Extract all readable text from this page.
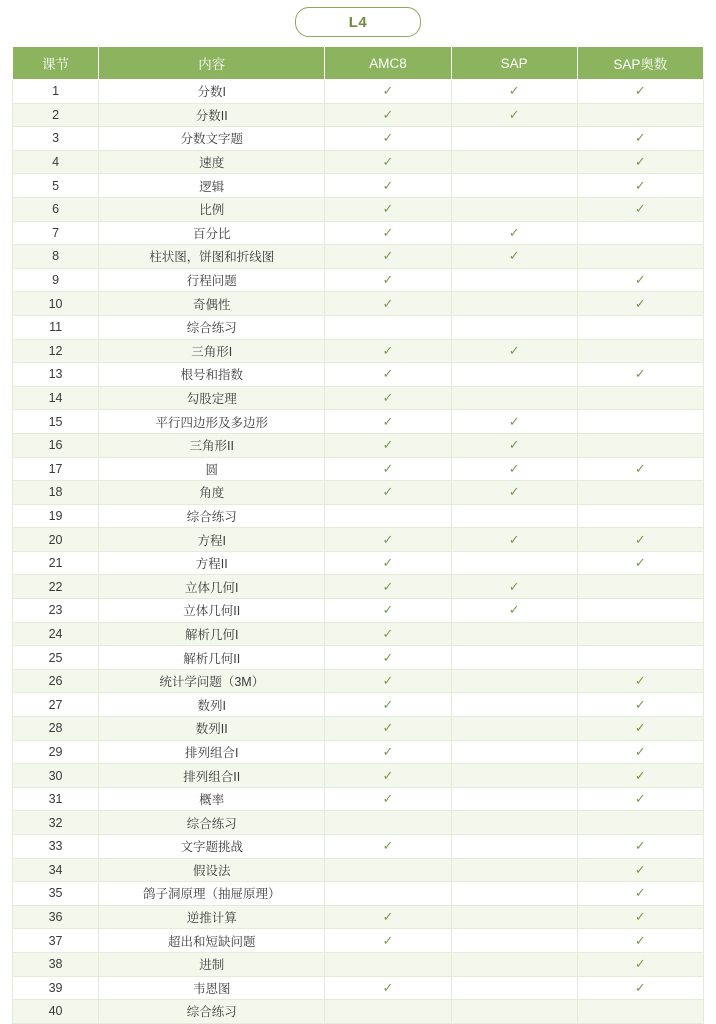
L4
课节	内容	AMC8	SAP	SAP奥数
1	分数I	✓	✓	✓
2	分数II	✓	✓	
3	分数文字题	✓		✓
4	速度	✓		✓
5	逻辑	✓		✓
6	比例	✓		✓
7	百分比	✓	✓	
8	柱状图，饼图和折线图	✓	✓	
9	行程问题	✓		✓
10	奇偶性	✓		✓
11	综合练习			
12	三角形I	✓	✓	
13	根号和指数	✓		✓
14	勾股定理	✓		
15	平行四边形及多边形	✓	✓	
16	三角形II	✓	✓	
17	圆	✓	✓	✓
18	角度	✓	✓	
19	综合练习			
20	方程I	✓	✓	✓
21	方程II	✓		✓
22	立体几何I	✓	✓	
23	立体几何II	✓	✓	
24	解析几何I	✓		
25	解析几何II	✓		
26	统计学问题（3M）	✓		✓
27	数列I	✓		✓
28	数列II	✓		✓
29	排列组合I	✓		✓
30	排列组合II	✓		✓
31	概率	✓		✓
32	综合练习			
33	文字题挑战	✓		✓
34	假设法			✓
35	鸽子洞原理（抽屉原理）			✓
36	逆推计算	✓		✓
37	超出和短缺问题	✓		✓
38	进制			✓
39	韦恩图	✓		✓
40	综合练习			
